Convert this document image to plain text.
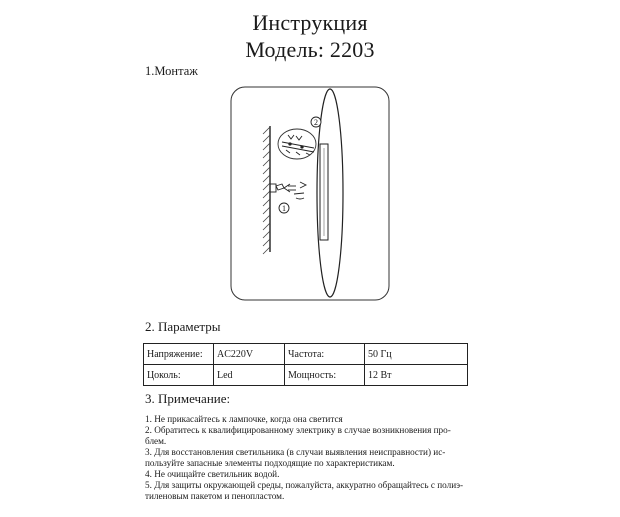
Инструкция
Модель: 2203
1.Монтаж
2
1
2. Параметры
Напряжение:	AC220V	Частота:	50 Гц
Цоколь:	Led	Мощность:	12 Вт
3. Примечание:

1. Не прикасайтесь к лампочке, когда она светится

2. Обратитесь к квалифицированному электрику в случае возникновения про-

блем.

3. Для восстановления светильника (в случаи выявления неисправности) ис-

пользуйте запасные элементы подходящие по характеристикам.

4. Не очищайте светильник водой.

5. Для защиты окружающей среды, пожалуйста, аккуратно обращайтесь с полиэ-

тиленовым пакетом и пенопластом.
